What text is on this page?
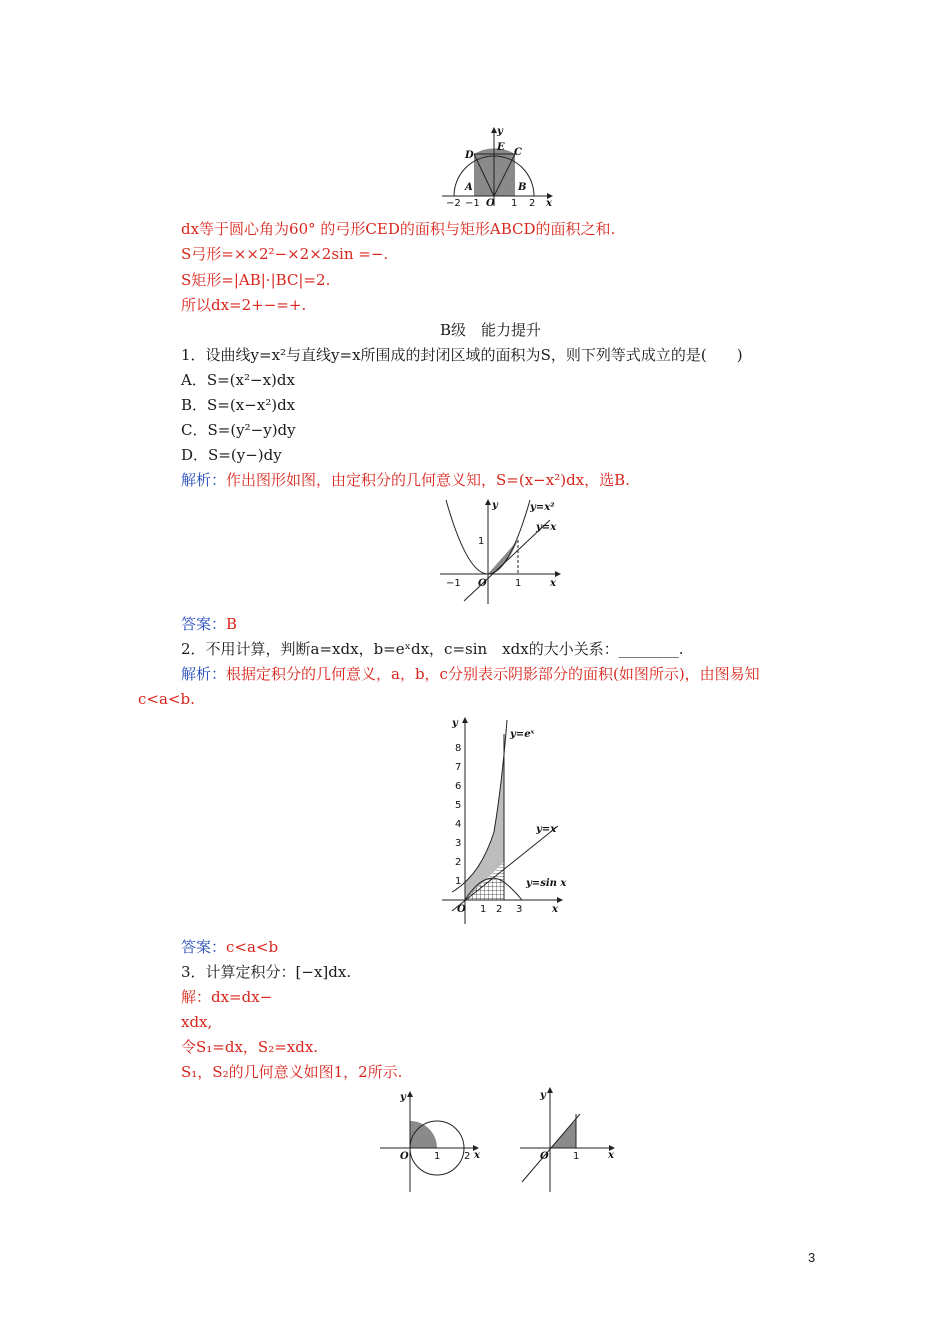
y
x
D
E C
A	B
O
−2 −1	1 2
dx等于圆心角为60° 的弓形CED的面积与矩形ABCD的面积之和.
S弓形=××2²−×2×2sin =−.
S矩形=|AB|·|BC|=2.
所以dx=2+−=+.
B级　能力提升
1．设曲线y=x²与直线y=x所围成的封闭区域的面积为S，则下列等式成立的是(　　)
A．S=(x²−x)dx
B．S=(x−x²)dx
C．S=(y²−y)dy
D．S=(y−)dy
解析：作出图形如图，由定积分的几何意义知，S=(x−x²)dx，选B.
y
x
y=x²
y=x
O
1
−1	1
答案：B
2．不用计算，判断a=xdx，b=eˣdx，c=sin　xdx的大小关系：________.
解析：根据定积分的几何意义，a，b，c分别表示阴影部分的面积(如图所示)，由图易知
c<a<b.
y
x
y=eˣ
y=x
y=sin x
O
8
7
6
5
4
3
2
1
1 2 3
答案：c<a<b
3．计算定积分：[−x]dx.
解：dx=dx−
xdx,
令S₁=dx，S₂=xdx.
S₁，S₂的几何意义如图1，2所示.
y
x
O	1 2
y
x
O 1
3
